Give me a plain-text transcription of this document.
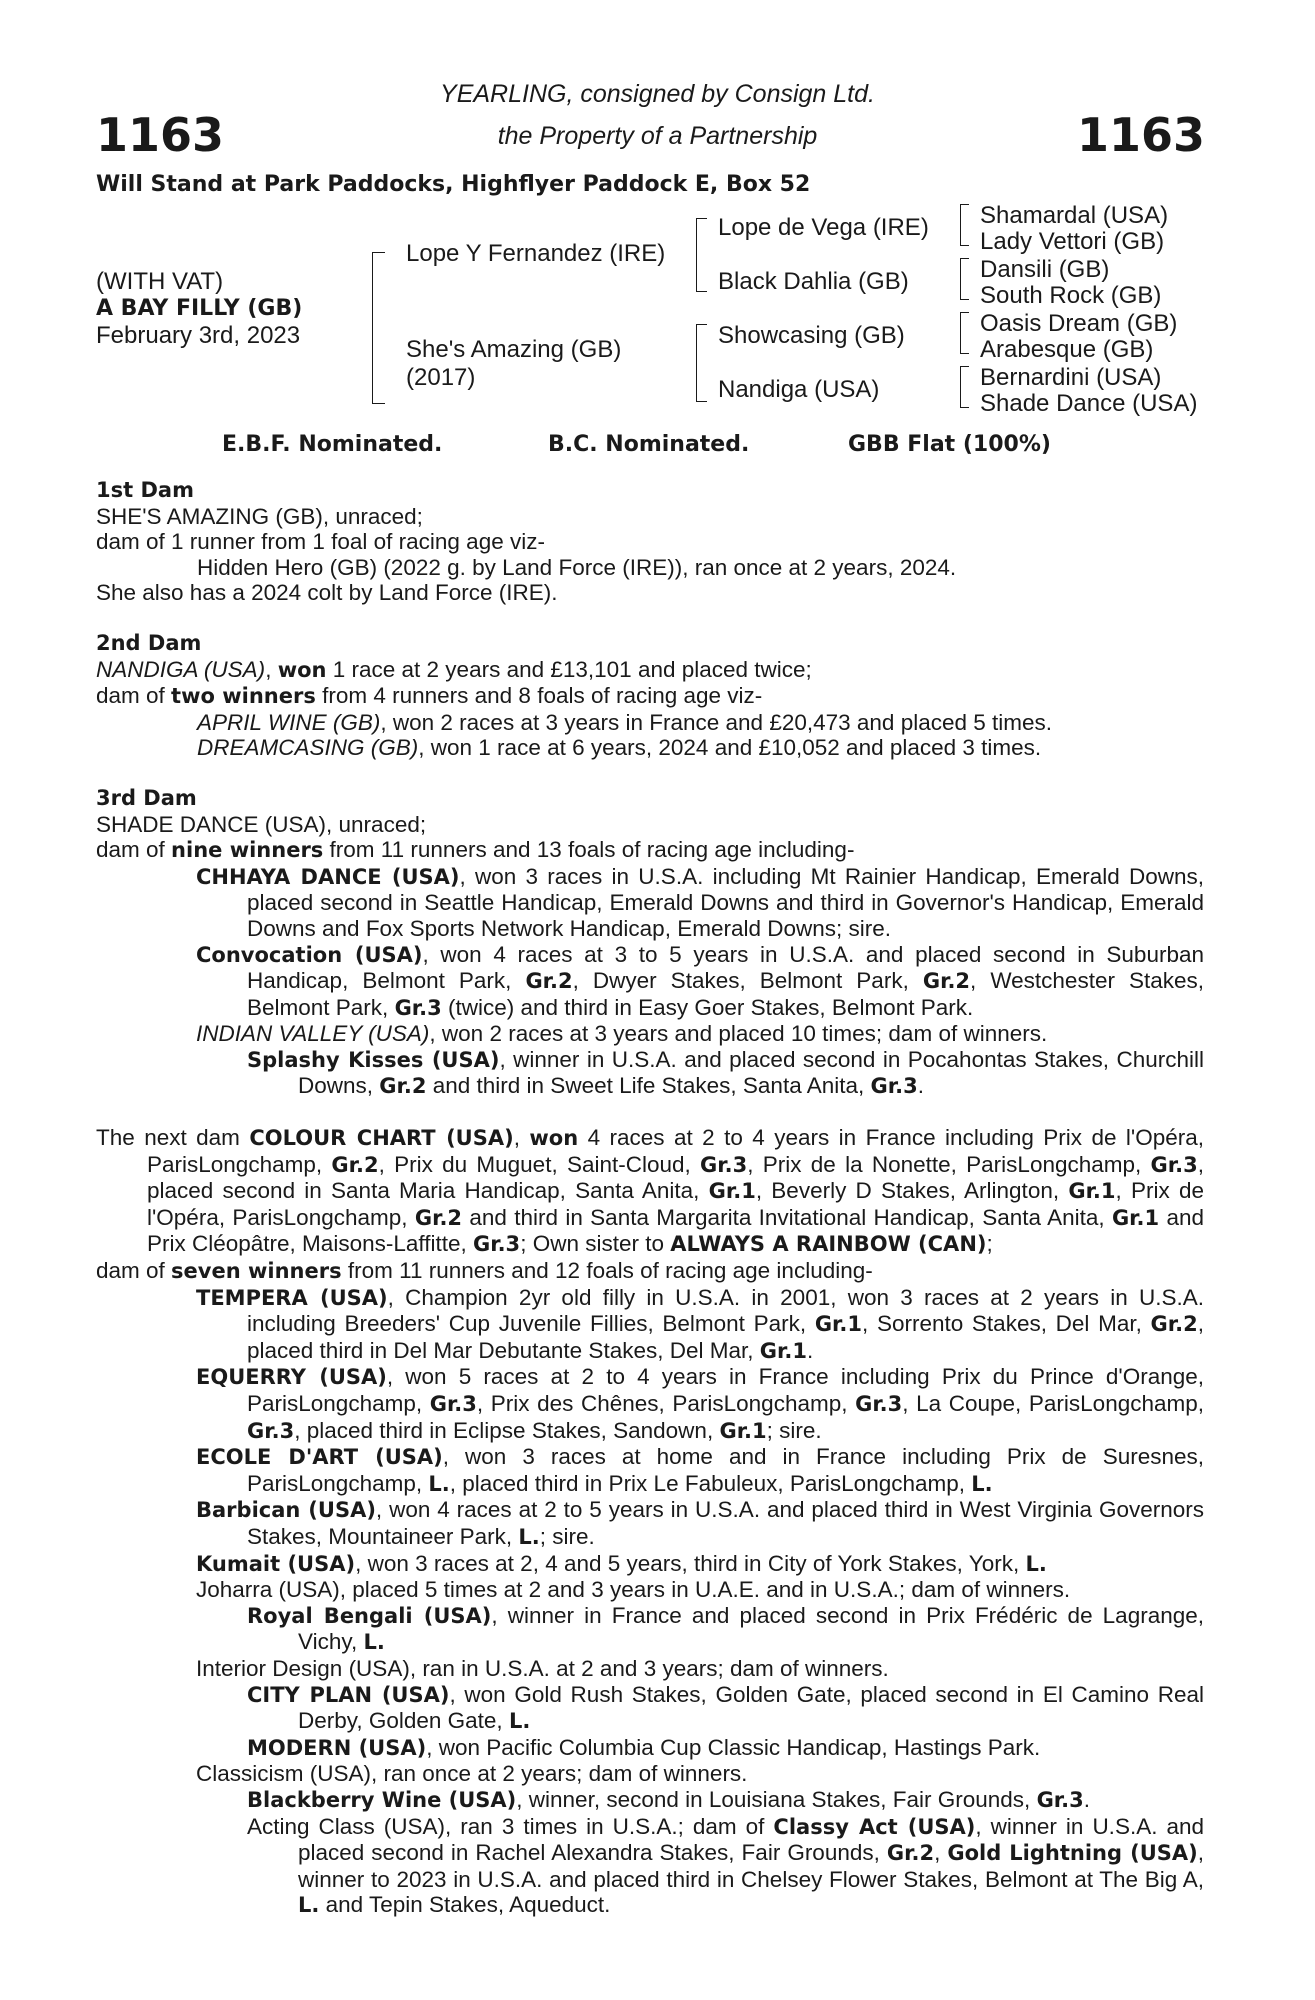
1163	1163
YEARLING, consigned by Consign Ltd.
the Property of a Partnership
Will Stand at Park Paddocks, Highflyer Paddock E, Box 52
(WITH VAT)
A BAY FILLY (GB)
February 3rd, 2023
Lope Y Fernandez (IRE)
She's Amazing (GB)
(2017)
Lope de Vega (IRE)
Black Dahlia (GB)
Showcasing (GB)
Nandiga (USA)
Shamardal (USA)
Lady Vettori (GB)
Dansili (GB)
South Rock (GB)
Oasis Dream (GB)
Arabesque (GB)
Bernardini (USA)
Shade Dance (USA)
E.B.F. Nominated.	B.C. Nominated.	GBB Flat (100%)
1st Dam
SHE'S AMAZING (GB), unraced;
dam of 1 runner from 1 foal of racing age viz-
Hidden Hero (GB) (2022 g. by Land Force (IRE)), ran once at 2 years, 2024.
She also has a 2024 colt by Land Force (IRE).
2nd Dam
NANDIGA (USA), won 1 race at 2 years and £13,101 and placed twice;
dam of two winners from 4 runners and 8 foals of racing age viz-
APRIL WINE (GB), won 2 races at 3 years in France and £20,473 and placed 5 times.
DREAMCASING (GB), won 1 race at 6 years, 2024 and £10,052 and placed 3 times.
3rd Dam
SHADE DANCE (USA), unraced;
dam of nine winners from 11 runners and 13 foals of racing age including-
CHHAYA DANCE (USA), won 3 races in U.S.A. including Mt Rainier Handicap, Emerald Downs, placed second in Seattle Handicap, Emerald Downs and third in Governor's Handicap, Emerald Downs and Fox Sports Network Handicap, Emerald Downs; sire.
Convocation (USA), won 4 races at 3 to 5 years in U.S.A. and placed second in Suburban Handicap, Belmont Park, Gr.2, Dwyer Stakes, Belmont Park, Gr.2, Westchester Stakes, Belmont Park, Gr.3 (twice) and third in Easy Goer Stakes, Belmont Park.
INDIAN VALLEY (USA), won 2 races at 3 years and placed 10 times; dam of winners.
Splashy Kisses (USA), winner in U.S.A. and placed second in Pocahontas Stakes, Churchill Downs, Gr.2 and third in Sweet Life Stakes, Santa Anita, Gr.3.
The next dam COLOUR CHART (USA), won 4 races at 2 to 4 years in France including Prix de l'Opéra, ParisLongchamp, Gr.2, Prix du Muguet, Saint-Cloud, Gr.3, Prix de la Nonette, ParisLongchamp, Gr.3, placed second in Santa Maria Handicap, Santa Anita, Gr.1, Beverly D Stakes, Arlington, Gr.1, Prix de l'Opéra, ParisLongchamp, Gr.2 and third in Santa Margarita Invitational Handicap, Santa Anita, Gr.1 and Prix Cléopâtre, Maisons-Laffitte, Gr.3; Own sister to ALWAYS A RAINBOW (CAN);
dam of seven winners from 11 runners and 12 foals of racing age including-
TEMPERA (USA), Champion 2yr old filly in U.S.A. in 2001, won 3 races at 2 years in U.S.A. including Breeders' Cup Juvenile Fillies, Belmont Park, Gr.1, Sorrento Stakes, Del Mar, Gr.2, placed third in Del Mar Debutante Stakes, Del Mar, Gr.1.
EQUERRY (USA), won 5 races at 2 to 4 years in France including Prix du Prince d'Orange, ParisLongchamp, Gr.3, Prix des Chênes, ParisLongchamp, Gr.3, La Coupe, ParisLongchamp, Gr.3, placed third in Eclipse Stakes, Sandown, Gr.1; sire.
ECOLE D'ART (USA), won 3 races at home and in France including Prix de Suresnes, ParisLongchamp, L., placed third in Prix Le Fabuleux, ParisLongchamp, L.
Barbican (USA), won 4 races at 2 to 5 years in U.S.A. and placed third in West Virginia Governors Stakes, Mountaineer Park, L.; sire.
Kumait (USA), won 3 races at 2, 4 and 5 years, third in City of York Stakes, York, L.
Joharra (USA), placed 5 times at 2 and 3 years in U.A.E. and in U.S.A.; dam of winners.
Royal Bengali (USA), winner in France and placed second in Prix Frédéric de Lagrange, Vichy, L.
Interior Design (USA), ran in U.S.A. at 2 and 3 years; dam of winners.
CITY PLAN (USA), won Gold Rush Stakes, Golden Gate, placed second in El Camino Real Derby, Golden Gate, L.
MODERN (USA), won Pacific Columbia Cup Classic Handicap, Hastings Park.
Classicism (USA), ran once at 2 years; dam of winners.
Blackberry Wine (USA), winner, second in Louisiana Stakes, Fair Grounds, Gr.3.
Acting Class (USA), ran 3 times in U.S.A.; dam of Classy Act (USA), winner in U.S.A. and placed second in Rachel Alexandra Stakes, Fair Grounds, Gr.2, Gold Lightning (USA), winner to 2023 in U.S.A. and placed third in Chelsey Flower Stakes, Belmont at The Big A, L. and Tepin Stakes, Aqueduct.
